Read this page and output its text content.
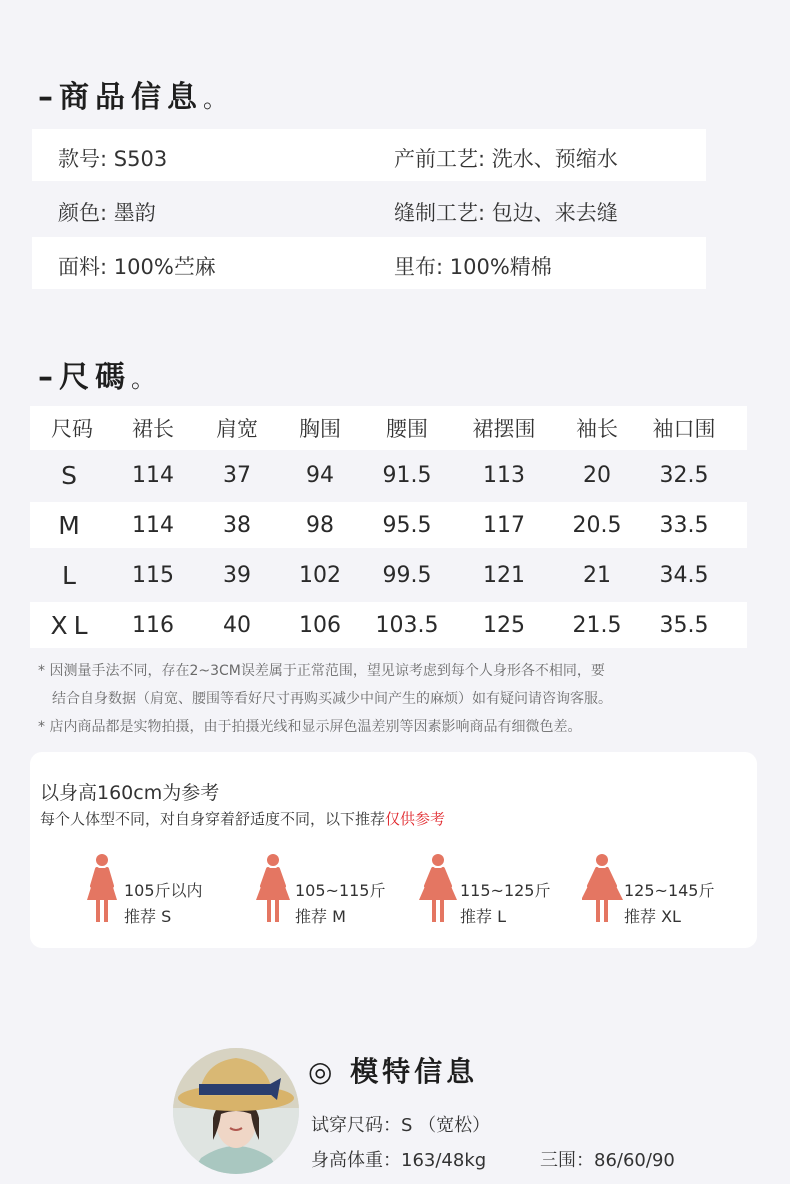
– 商品信息。
款号: S503	产前工艺: 洗水、预缩水
颜色: 墨韵	缝制工艺: 包边、来去缝
面料: 100%苎麻	里布: 100%精棉
– 尺碼。
尺码 裙长 肩宽 胸围 腰围 裙摆围 袖长 袖口围
S 114 37	94 91.5 113	20 32.5
M 114 38	98 95.5 117 20.5 33.5
L 115 39 102 99.5 121	21 34.5
XL 116 40 106 103.5 125 21.5 35.5
* 因测量手法不同，存在2~3CM误差属于正常范围，望见谅考虑到每个人身形各不相同，要
结合自身数据（肩宽、腰围等看好尺寸再购买减少中间产生的麻烦）如有疑问请咨询客服。
* 店内商品都是实物拍摄，由于拍摄光线和显示屏色温差别等因素影响商品有细微色差。
以身高160cm为参考
每个人体型不同，对自身穿着舒适度不同，以下推荐仅供参考
105斤以内
推荐 S
105~115斤
推荐 M
115~125斤
推荐 L
125~145斤
推荐 XL
◎ 模特信息
试穿尺码：S （宽松）
身高体重：163/48kg	三围：86/60/90
